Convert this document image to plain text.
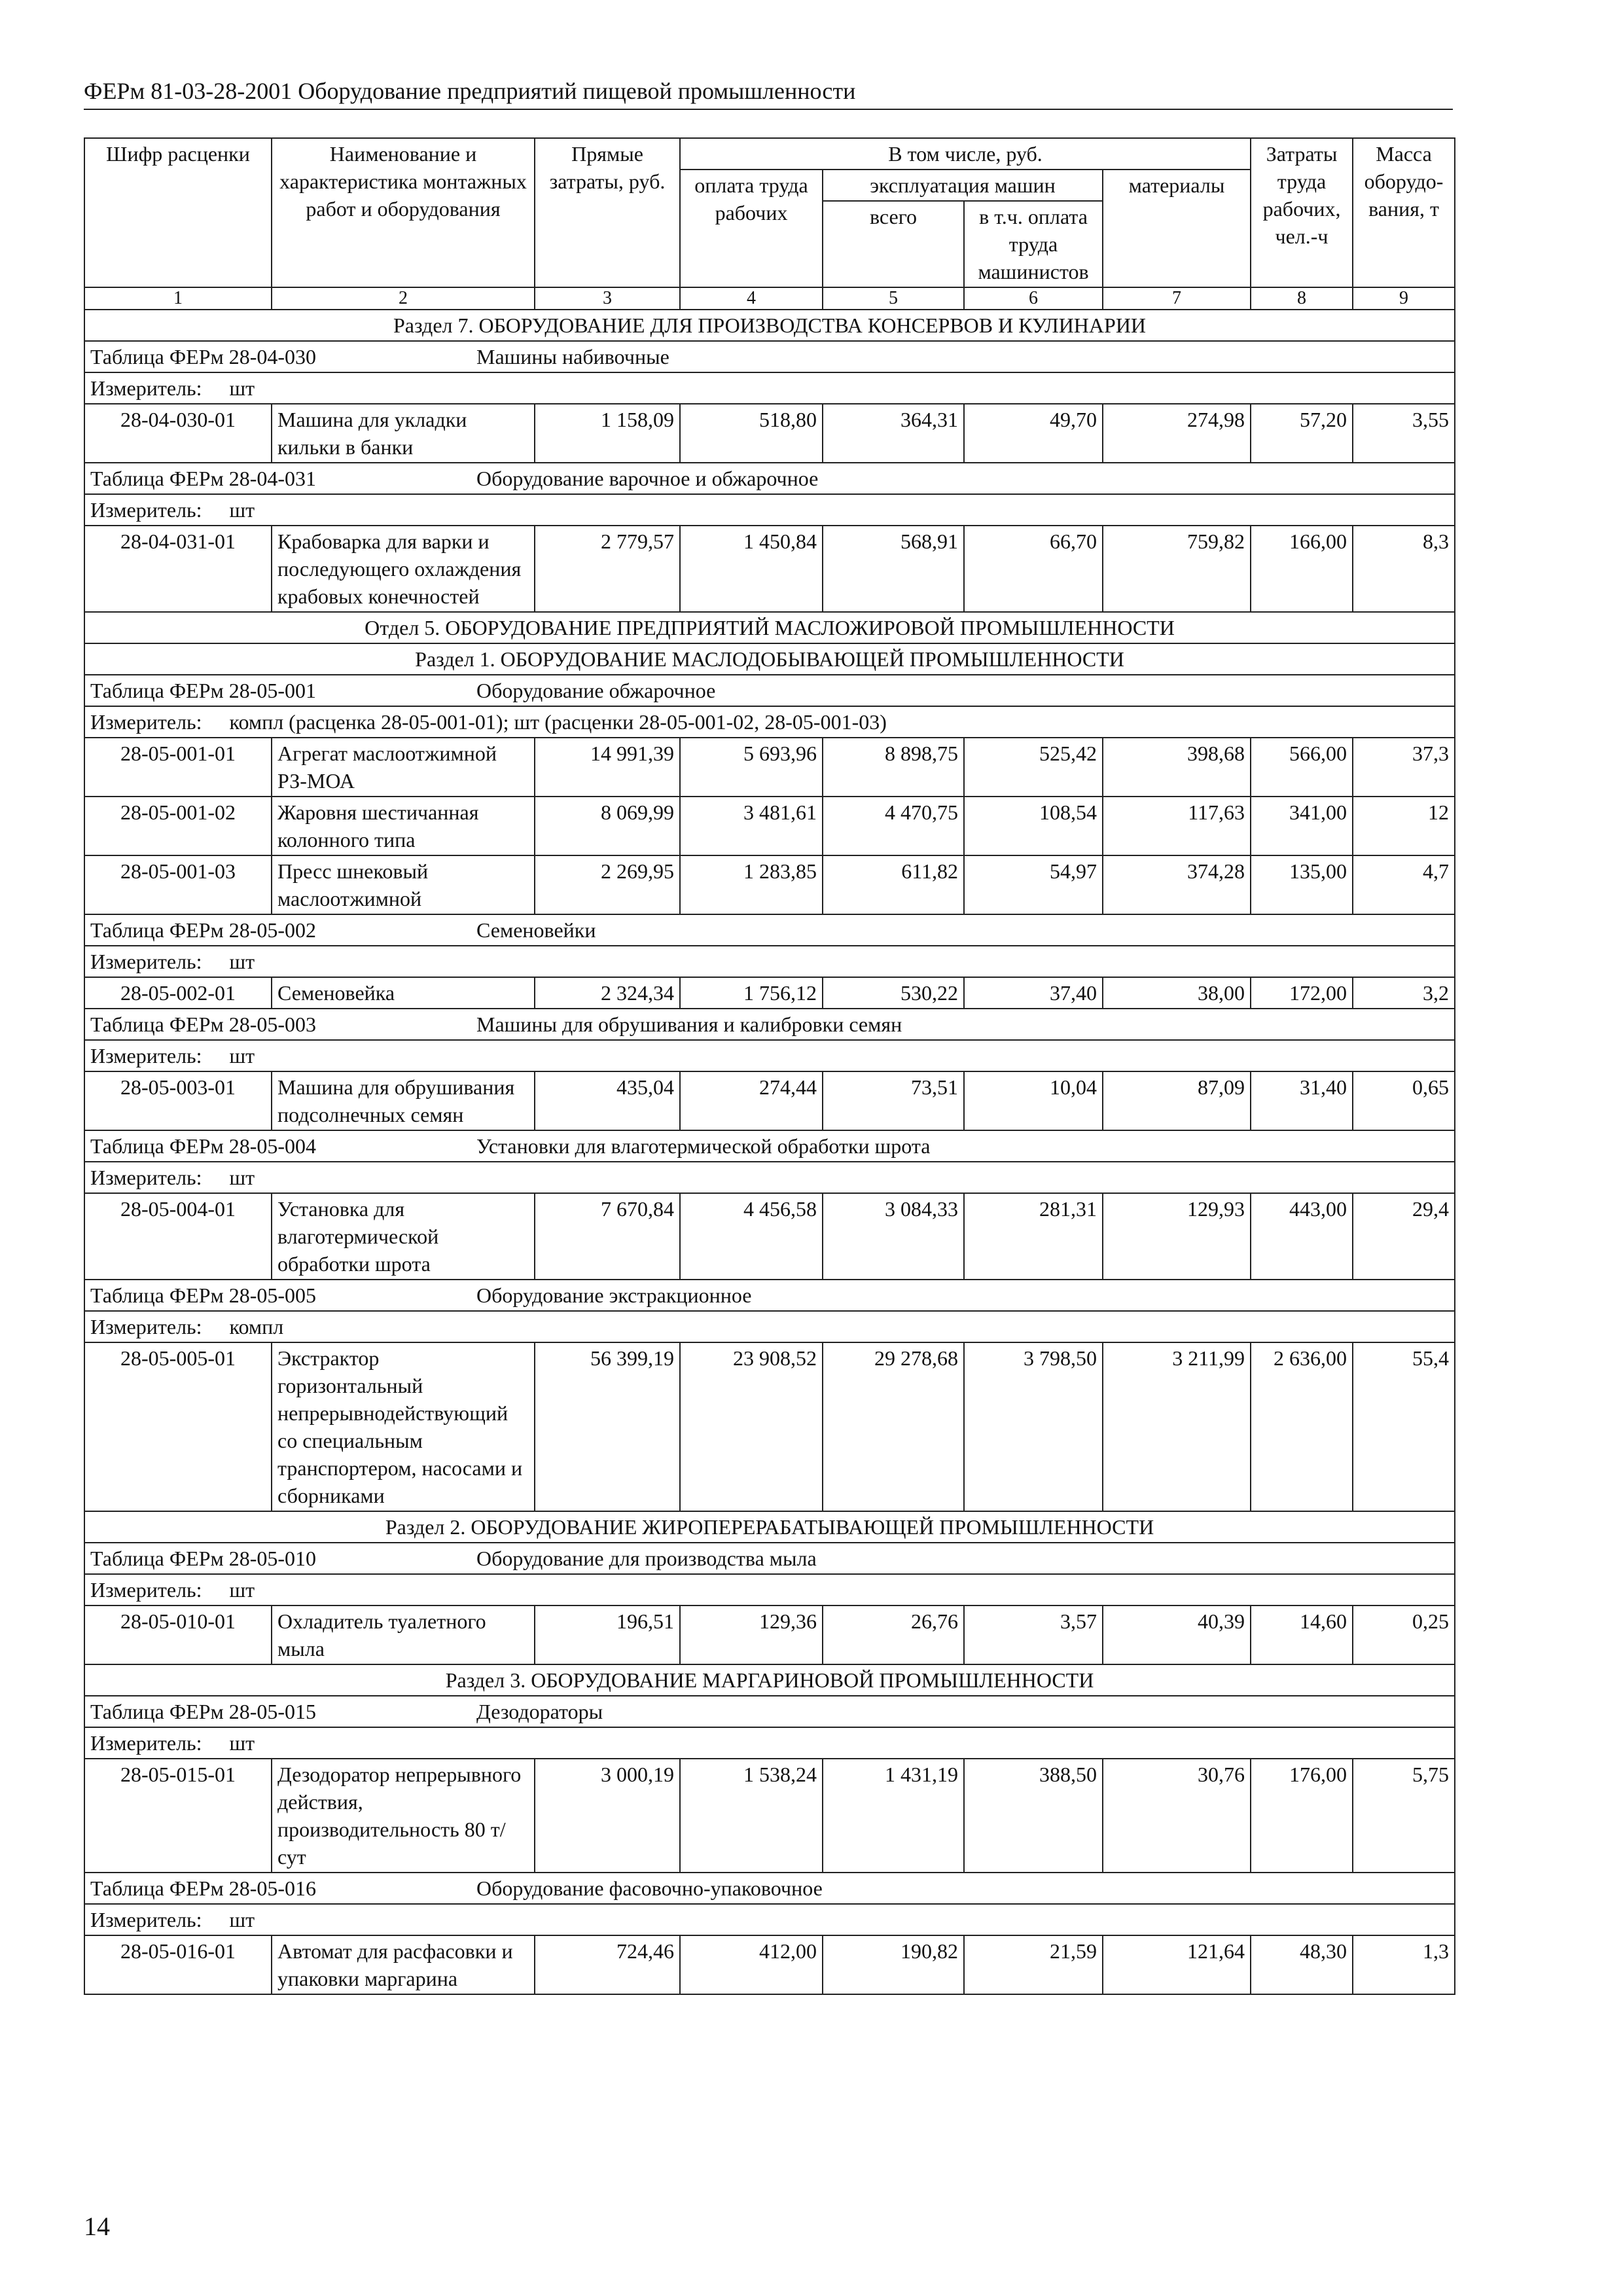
ФЕРм 81-03-28-2001 Оборудование предприятий пищевой промышленности
Шифр расценки	Наименование и характеристика монтажных работ и оборудования	Прямые затраты, руб.	В том числе, руб.				Затраты труда рабочих, чел.-ч	Масса оборудо-вания, т
			оплата труда рабочих	эксплуатация машин		материалы		
				всего	в т.ч. оплата труда машинистов			
1	2	3	4	5	6	7	8	9
Раздел 7. ОБОРУДОВАНИЕ ДЛЯ ПРОИЗВОДСТВА КОНСЕРВОВ И КУЛИНАРИИ								
Таблица ФЕРм 28-04-030 Машины набивочные								
Измеритель: шт								
28-04-030-01	Машина для укладки кильки в банки	1 158,09	518,80	364,31	49,70	274,98	57,20	3,55
Таблица ФЕРм 28-04-031 Оборудование варочное и обжарочное								
Измеритель: шт								
28-04-031-01	Крабоварка для варки и последующего охлаждения крабовых конечностей	2 779,57	1 450,84	568,91	66,70	759,82	166,00	8,3
Отдел 5. ОБОРУДОВАНИЕ ПРЕДПРИЯТИЙ МАСЛОЖИРОВОЙ ПРОМЫШЛЕННОСТИ								
Раздел 1. ОБОРУДОВАНИЕ МАСЛОДОБЫВАЮЩЕЙ ПРОМЫШЛЕННОСТИ								
Таблица ФЕРм 28-05-001 Оборудование обжарочное								
Измеритель: компл (расценка 28-05-001-01); шт (расценки 28-05-001-02, 28-05-001-03)								
28-05-001-01	Агрегат маслоотжимной РЗ-МОА	14 991,39	5 693,96	8 898,75	525,42	398,68	566,00	37,3
28-05-001-02	Жаровня шестичанная колонного типа	8 069,99	3 481,61	4 470,75	108,54	117,63	341,00	12
28-05-001-03	Пресс шнековый маслоотжимной	2 269,95	1 283,85	611,82	54,97	374,28	135,00	4,7
Таблица ФЕРм 28-05-002 Семеновейки								
Измеритель: шт								
28-05-002-01	Семеновейка	2 324,34	1 756,12	530,22	37,40	38,00	172,00	3,2
Таблица ФЕРм 28-05-003 Машины для обрушивания и калибровки семян								
Измеритель: шт								
28-05-003-01	Машина для обрушивания подсолнечных семян	435,04	274,44	73,51	10,04	87,09	31,40	0,65
Таблица ФЕРм 28-05-004 Установки для влаготермической обработки шрота								
Измеритель: шт								
28-05-004-01	Установка для влаготермической обработки шрота	7 670,84	4 456,58	3 084,33	281,31	129,93	443,00	29,4
Таблица ФЕРм 28-05-005 Оборудование экстракционное								
Измеритель: компл								
28-05-005-01	Экстрактор горизонтальный непрерывнодействующий со специальным транспортером, насосами и сборниками	56 399,19	23 908,52	29 278,68	3 798,50	3 211,99	2 636,00	55,4
Раздел 2. ОБОРУДОВАНИЕ ЖИРОПЕРЕРАБАТЫВАЮЩЕЙ ПРОМЫШЛЕННОСТИ								
Таблица ФЕРм 28-05-010 Оборудование для производства мыла								
Измеритель: шт								
28-05-010-01	Охладитель туалетного мыла	196,51	129,36	26,76	3,57	40,39	14,60	0,25
Раздел 3. ОБОРУДОВАНИЕ МАРГАРИНОВОЙ ПРОМЫШЛЕННОСТИ								
Таблица ФЕРм 28-05-015 Дезодораторы								
Измеритель: шт								
28-05-015-01	Дезодоратор непрерывного действия, производительность 80 т/сут	3 000,19	1 538,24	1 431,19	388,50	30,76	176,00	5,75
Таблица ФЕРм 28-05-016 Оборудование фасовочно-упаковочное								
Измеритель: шт								
28-05-016-01	Автомат для расфасовки и упаковки маргарина	724,46	412,00	190,82	21,59	121,64	48,30	1,3
14
